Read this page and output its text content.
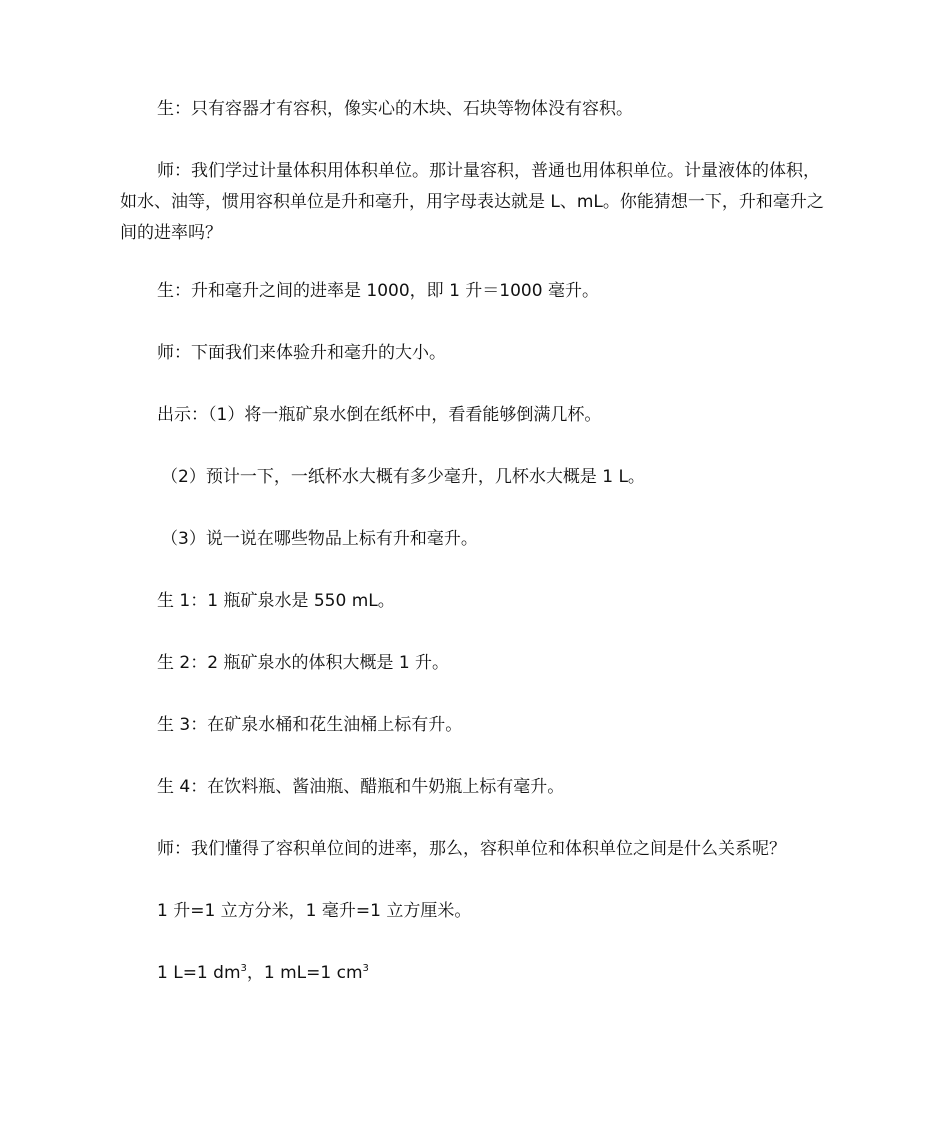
生：只有容器才有容积，像实心的木块、石块等物体没有容积。
师：我们学过计量体积用体积单位。那计量容积，普通也用体积单位。计量液体的体积，如水、油等，惯用容积单位是升和毫升，用字母表达就是 L、mL。你能猜想一下，升和毫升之间的进率吗？
生：升和毫升之间的进率是 1000，即 1 升＝1000 毫升。
师：下面我们来体验升和毫升的大小。
出示：（1）将一瓶矿泉水倒在纸杯中，看看能够倒满几杯。
（2）预计一下，一纸杯水大概有多少毫升，几杯水大概是 1 L。
（3）说一说在哪些物品上标有升和毫升。
生 1：1 瓶矿泉水是 550 mL。
生 2：2 瓶矿泉水的体积大概是 1 升。
生 3：在矿泉水桶和花生油桶上标有升。
生 4：在饮料瓶、酱油瓶、醋瓶和牛奶瓶上标有毫升。
师：我们懂得了容积单位间的进率，那么，容积单位和体积单位之间是什么关系呢？
1 升=1 立方分米，1 毫升=1 立方厘米。
1 L=1 $dm^3$，1 mL=1 $cm^3$
